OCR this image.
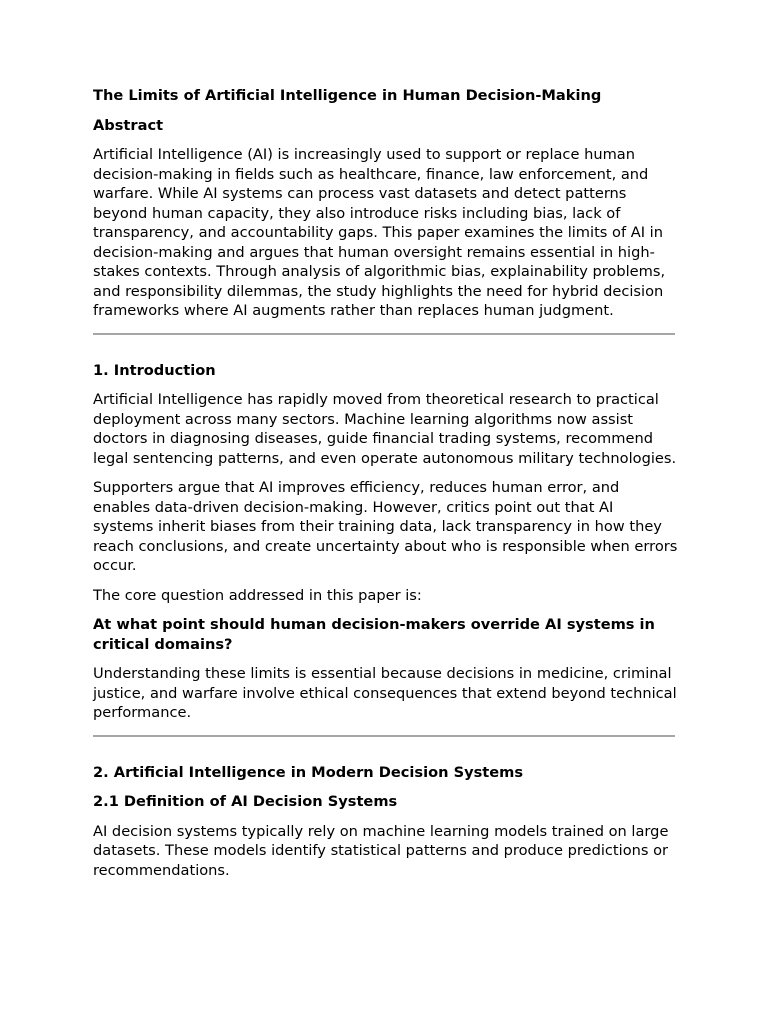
The Limits of Artificial Intelligence in Human Decision-Making

Abstract

Artificial Intelligence (AI) is increasingly used to support or replace human decision-making in fields such as healthcare, finance, law enforcement, and warfare. While AI systems can process vast datasets and detect patterns beyond human capacity, they also introduce risks including bias, lack of transparency, and accountability gaps. This paper examines the limits of AI in decision-making and argues that human oversight remains essential in high-stakes contexts. Through analysis of algorithmic bias, explainability problems, and responsibility dilemmas, the study highlights the need for hybrid decision frameworks where AI augments rather than replaces human judgment.

1. Introduction

Artificial Intelligence has rapidly moved from theoretical research to practical deployment across many sectors. Machine learning algorithms now assist doctors in diagnosing diseases, guide financial trading systems, recommend legal sentencing patterns, and even operate autonomous military technologies.

Supporters argue that AI improves efficiency, reduces human error, and enables data-driven decision-making. However, critics point out that AI systems inherit biases from their training data, lack transparency in how they reach conclusions, and create uncertainty about who is responsible when errors occur.

The core question addressed in this paper is:

At what point should human decision-makers override AI systems in critical domains?

Understanding these limits is essential because decisions in medicine, criminal justice, and warfare involve ethical consequences that extend beyond technical performance.

2. Artificial Intelligence in Modern Decision Systems

2.1 Definition of AI Decision Systems

AI decision systems typically rely on machine learning models trained on large datasets. These models identify statistical patterns and produce predictions or recommendations.
